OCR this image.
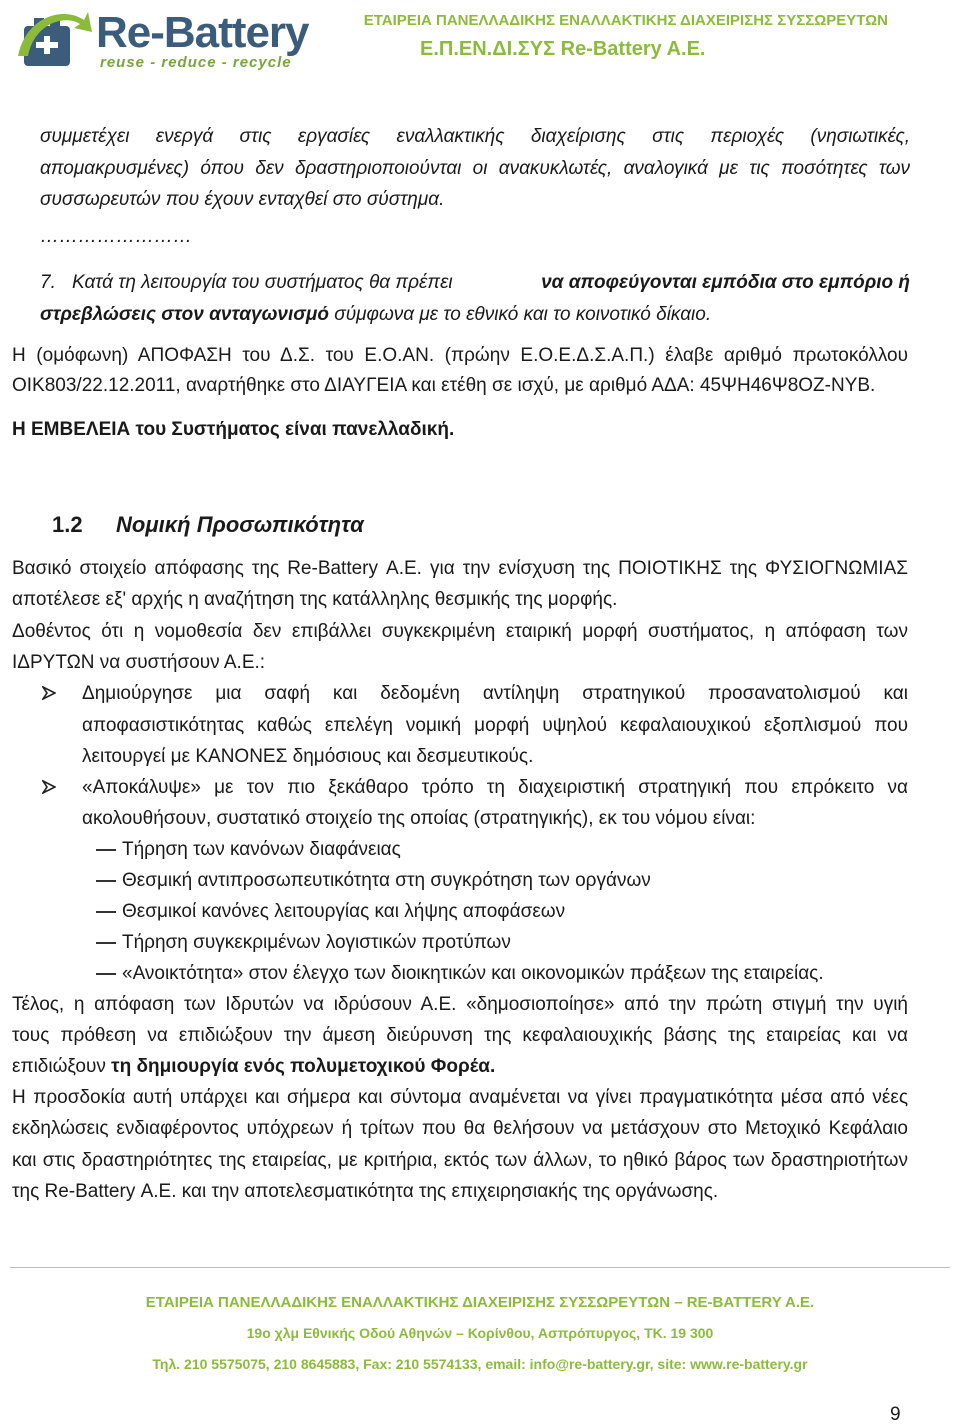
Re-Battery
reuse - reduce - recycle
ΕΤΑΙΡΕΙΑ ΠΑΝΕΛΛΑΔΙΚΗΣ ΕΝΑΛΛΑΚΤΙΚΗΣ ΔΙΑΧΕΙΡΙΣΗΣ ΣΥΣΣΩΡΕΥΤΩΝ
Ε.Π.ΕΝ.ΔΙ.ΣΥΣ Re-Battery A.E.
συμμετέχει ενεργά στις εργασίες εναλλακτικής διαχείρισης στις περιοχές (νησιωτικές,
απομακρυσμένες) όπου δεν δραστηριοποιούνται οι ανακυκλωτές, αναλογικά με τις ποσότητες των
συσσωρευτών που έχουν ενταχθεί στο σύστημα.
……………………
7. Κατά τη λειτουργία του συστήματος θα πρέπει	να αποφεύγονται εμπόδια στο εμπόριο ή
στρεβλώσεις στον ανταγωνισμό σύμφωνα με το εθνικό και το κοινοτικό δίκαιο.
Η (ομόφωνη) ΑΠΟΦΑΣΗ του Δ.Σ. του Ε.Ο.ΑΝ. (πρώην Ε.Ο.Ε.Δ.Σ.Α.Π.) έλαβε αριθμό πρωτοκόλλου
ΟΙΚ803/22.12.2011, αναρτήθηκε στο ΔΙΑΥΓΕΙΑ και ετέθη σε ισχύ, με αριθμό ΑΔΑ: 45ΨΗ46Ψ8ΟΖ-ΝΥΒ.
Η ΕΜΒΕΛΕΙΑ του Συστήματος είναι πανελλαδική.
1.2 Νομική Προσωπικότητα
Βασικό στοιχείο απόφασης της Re-Battery Α.Ε. για την ενίσχυση της ΠΟΙΟΤΙΚΗΣ της ΦΥΣΙΟΓΝΩΜΙΑΣ
αποτέλεσε εξ' αρχής η αναζήτηση της κατάλληλης θεσμικής της μορφής.
Δοθέντος ότι η νομοθεσία δεν επιβάλλει συγκεκριμένη εταιρική μορφή συστήματος, η απόφαση των
ΙΔΡΥΤΩΝ να συστήσουν Α.Ε.:
Δημιούργησε μια σαφή και δεδομένη αντίληψη στρατηγικού προσανατολισμού και
αποφασιστικότητας καθώς επελέγη νομική μορφή υψηλού κεφαλαιουχικού εξοπλισμού που
λειτουργεί με ΚΑΝΟΝΕΣ δημόσιους και δεσμευτικούς.
«Αποκάλυψε» με τον πιο ξεκάθαρο τρόπο τη διαχειριστική στρατηγική που επρόκειτο να
ακολουθήσουν, συστατικό στοιχείο της οποίας (στρατηγικής), εκ του νόμου είναι:
Τήρηση των κανόνων διαφάνειας
Θεσμική αντιπροσωπευτικότητα στη συγκρότηση των οργάνων
Θεσμικοί κανόνες λειτουργίας και λήψης αποφάσεων
Τήρηση συγκεκριμένων λογιστικών προτύπων
«Ανοικτότητα» στον έλεγχο των διοικητικών και οικονομικών πράξεων της εταιρείας.
Τέλος, η απόφαση των Ιδρυτών να ιδρύσουν Α.Ε. «δημοσιοποίησε» από την πρώτη στιγμή την υγιή
τους πρόθεση να επιδιώξουν την άμεση διεύρυνση της κεφαλαιουχικής βάσης της εταιρείας και να
επιδιώξουν τη δημιουργία ενός πολυμετοχικού Φορέα.
Η προσδοκία αυτή υπάρχει και σήμερα και σύντομα αναμένεται να γίνει πραγματικότητα μέσα από νέες
εκδηλώσεις ενδιαφέροντος υπόχρεων ή τρίτων που θα θελήσουν να μετάσχουν στο Μετοχικό Κεφάλαιο
και στις δραστηριότητες της εταιρείας, με κριτήρια, εκτός των άλλων, το ηθικό βάρος των δραστηριοτήτων
της Re-Battery Α.Ε. και την αποτελεσματικότητα της επιχειρησιακής της οργάνωσης.
ΕΤΑΙΡΕΙΑ ΠΑΝΕΛΛΑΔΙΚΗΣ ΕΝΑΛΛΑΚΤΙΚΗΣ ΔΙΑΧΕΙΡΙΣΗΣ ΣΥΣΣΩΡΕΥΤΩΝ – RE-BATTERY A.E.
19ο χλμ Εθνικής Οδού Αθηνών – Κορίνθου, Ασπρόπυργος, ΤΚ. 19 300
Τηλ. 210 5575075, 210 8645883, Fax: 210 5574133, email: info@re-battery.gr, site: www.re-battery.gr
9
